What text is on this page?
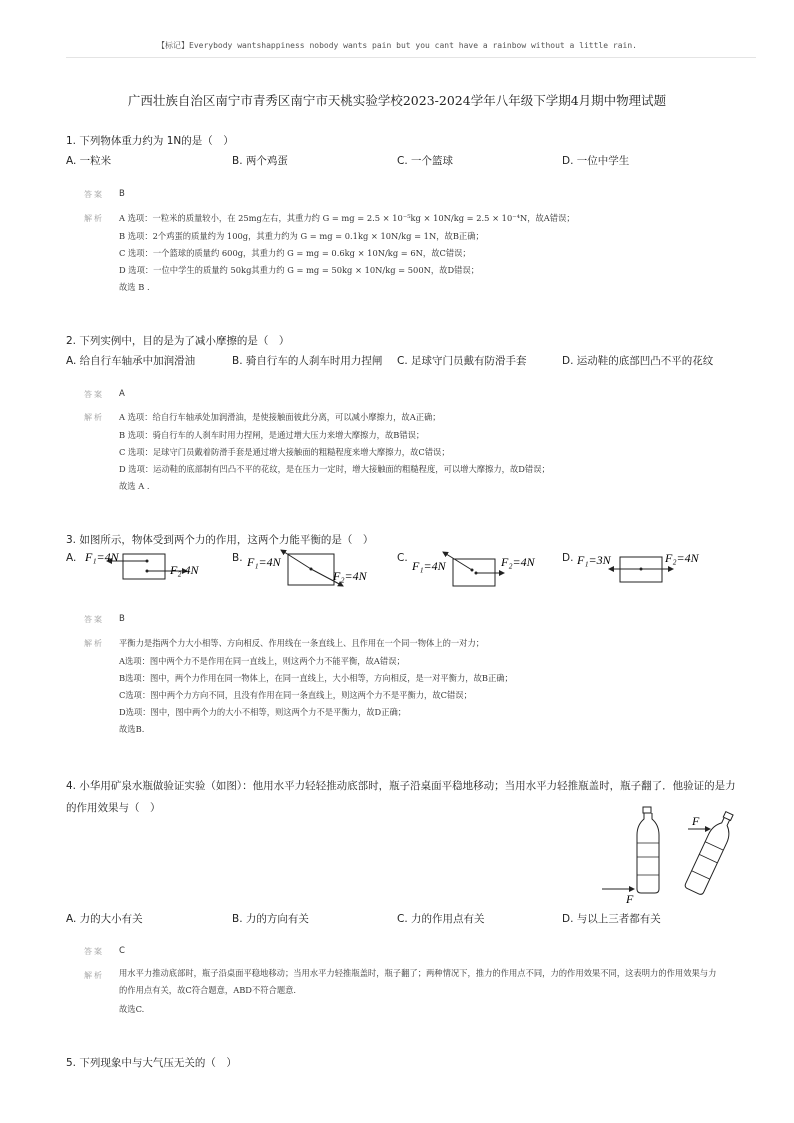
【标记】Everybody wantshappiness nobody wants pain but you cant have a rainbow without a little rain.
广西壮族自治区南宁市青秀区南宁市天桃实验学校2023-2024学年八年级下学期4月期中物理试题
1. 下列物体重力约为 1N的是（　）
A. 一粒米	B. 两个鸡蛋	C. 一个篮球	D. 一位中学生
答案 B
解析 A 选项：一粒米的质量较小，在 25mg左右，其重力约 G = mg = 2.5 × 10⁻⁵kg × 10N/kg = 2.5 × 10⁻⁴N，故A错误；
B 选项：2个鸡蛋的质量约为 100g，其重力约为 G = mg = 0.1kg × 10N/kg = 1N，故B正确；
C 选项：一个篮球的质量约 600g，其重力约 G = mg = 0.6kg × 10N/kg = 6N，故C错误；
D 选项：一位中学生的质量约 50kg其重力约 G = mg = 50kg × 10N/kg = 500N，故D错误；
故选 B .
2. 下列实例中，目的是为了减小摩擦的是（　）
A. 给自行车轴承中加润滑油	B. 骑自行车的人刹车时用力捏闸 C. 足球守门员戴有防滑手套	D. 运动鞋的底部凹凸不平的花纹
答案 A
解析 A 选项：给自行车轴承处加润滑油，是使接触面彼此分离，可以减小摩擦力，故A正确；
B 选项：骑自行车的人刹车时用力捏闸，是通过增大压力来增大摩擦力，故B错误；
C 选项：足球守门员戴着防滑手套是通过增大接触面的粗糙程度来增大摩擦力，故C错误；
D 选项：运动鞋的底部制有凹凸不平的花纹，是在压力一定时，增大接触面的粗糙程度，可以增大摩擦力，故D错误；
故选 A .
3. 如图所示，物体受到两个力的作用，这两个力能平衡的是（　）
A.	B.	C.	D.
F₁=4N
F₂ 4N
F₁=4N
F₂=4N
F₁=4N	F₂=4N	F₁=3N	F₂=4N
答案 B
解析 平衡力是指两个力大小相等、方向相反、作用线在一条直线上、且作用在一个同一物体上的一对力；
A选项：图中两个力不是作用在同一直线上，则这两个力不能平衡，故A错误；
B选项：图中，两个力作用在同一物体上，在同一直线上，大小相等，方向相反，是一对平衡力，故B正确；
C选项：图中两个力方向不同，且没有作用在同一条直线上，则这两个力不是平衡力，故C错误；
D选项：图中，图中两个力的大小不相等，则这两个力不是平衡力，故D正确；
故选B.
4. 小华用矿泉水瓶做验证实验（如图）：他用水平力轻轻推动底部时，瓶子沿桌面平稳地移动；当用水平力轻推瓶盖时，瓶子翻了．他验证的是力的作用效果与（　）
F
F
A. 力的大小有关	B. 力的方向有关	C. 力的作用点有关	D. 与以上三者都有关
答案 C
解析 用水平力推动底部时，瓶子沿桌面平稳地移动；当用水平力轻推瓶盖时，瓶子翻了；两种情况下，推力的作用点不同，力的作用效果不同，这表明力的作用效果与力的作用点有关，故C符合题意，ABD不符合题意.
故选C.
5. 下列现象中与大气压无关的（　）
